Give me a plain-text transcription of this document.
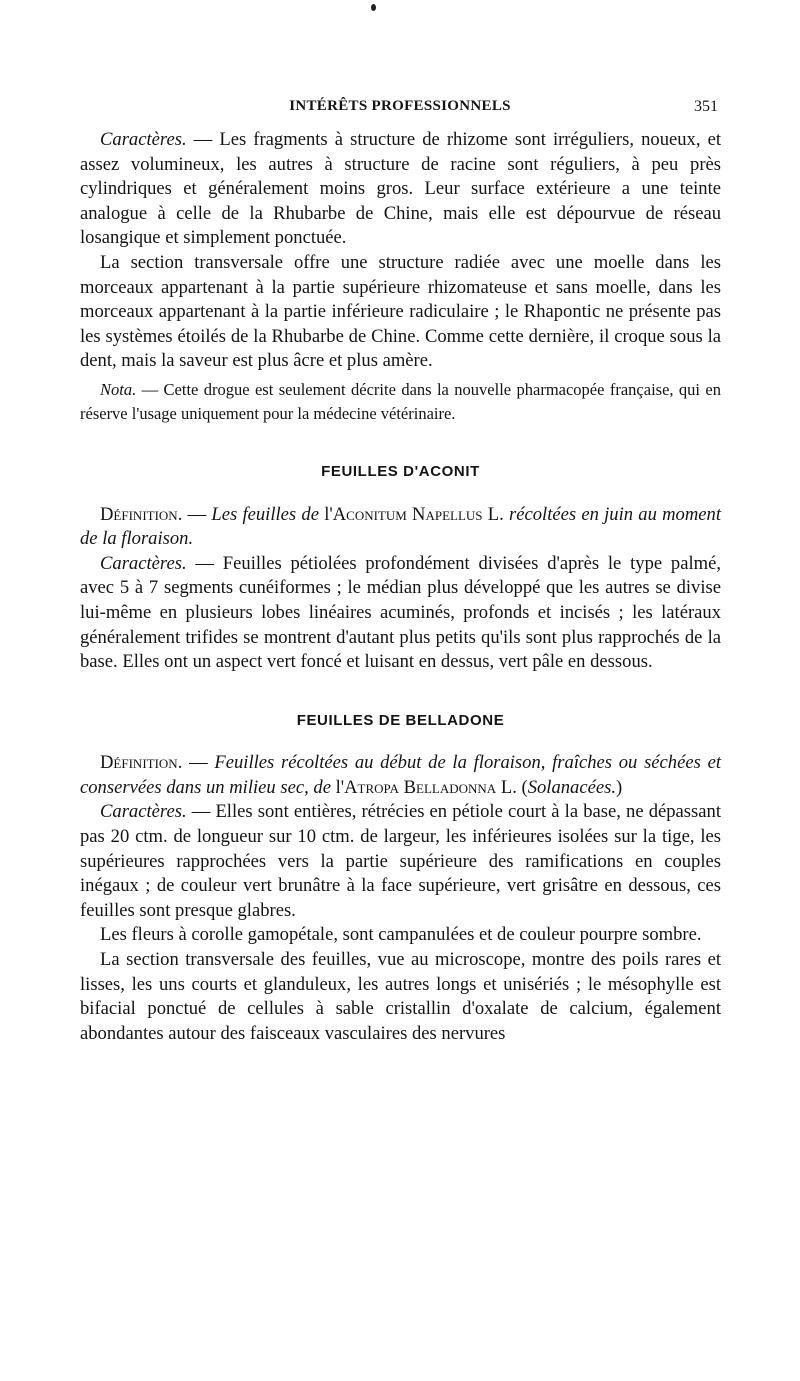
INTÉRÊTS PROFESSIONNELS	351

Caractères. — Les fragments à structure de rhizome sont irréguliers, noueux, et assez volumineux, les autres à structure de racine sont réguliers, à peu près cylindriques et généralement moins gros. Leur surface extérieure a une teinte analogue à celle de la Rhubarbe de Chine, mais elle est dépourvue de réseau losangique et simplement ponctuée.

La section transversale offre une structure radiée avec une moelle dans les morceaux appartenant à la partie supérieure rhizomateuse et sans moelle, dans les morceaux appartenant à la partie inférieure radiculaire ; le Rhapontic ne présente pas les systèmes étoilés de la Rhubarbe de Chine. Comme cette dernière, il croque sous la dent, mais la saveur est plus âcre et plus amère.

Nota. — Cette drogue est seulement décrite dans la nouvelle pharmacopée française, qui en réserve l'usage uniquement pour la médecine vétérinaire.

FEUILLES D'ACONIT

Définition. — Les feuilles de l'Aconitum Napellus L. récoltées en juin au moment de la floraison.

Caractères. — Feuilles pétiolées profondément divisées d'après le type palmé, avec 5 à 7 segments cunéiformes ; le médian plus développé que les autres se divise lui-même en plusieurs lobes linéaires acuminés, profonds et incisés ; les latéraux généralement trifides se montrent d'autant plus petits qu'ils sont plus rapprochés de la base. Elles ont un aspect vert foncé et luisant en dessus, vert pâle en dessous.

FEUILLES DE BELLADONE

Définition. — Feuilles récoltées au début de la floraison, fraîches ou séchées et conservées dans un milieu sec, de l'Atropa Belladonna L. (Solanacées.)

Caractères. — Elles sont entières, rétrécies en pétiole court à la base, ne dépassant pas 20 ctm. de longueur sur 10 ctm. de largeur, les inférieures isolées sur la tige, les supérieures rapprochées vers la partie supérieure des ramifications en couples inégaux ; de couleur vert brunâtre à la face supérieure, vert grisâtre en dessous, ces feuilles sont presque glabres.

Les fleurs à corolle gamopétale, sont campanulées et de couleur pourpre sombre.

La section transversale des feuilles, vue au microscope, montre des poils rares et lisses, les uns courts et glanduleux, les autres longs et unisériés ; le mésophylle est bifacial ponctué de cellules à sable cristallin d'oxalate de calcium, également abondantes autour des faisceaux vasculaires des nervures
